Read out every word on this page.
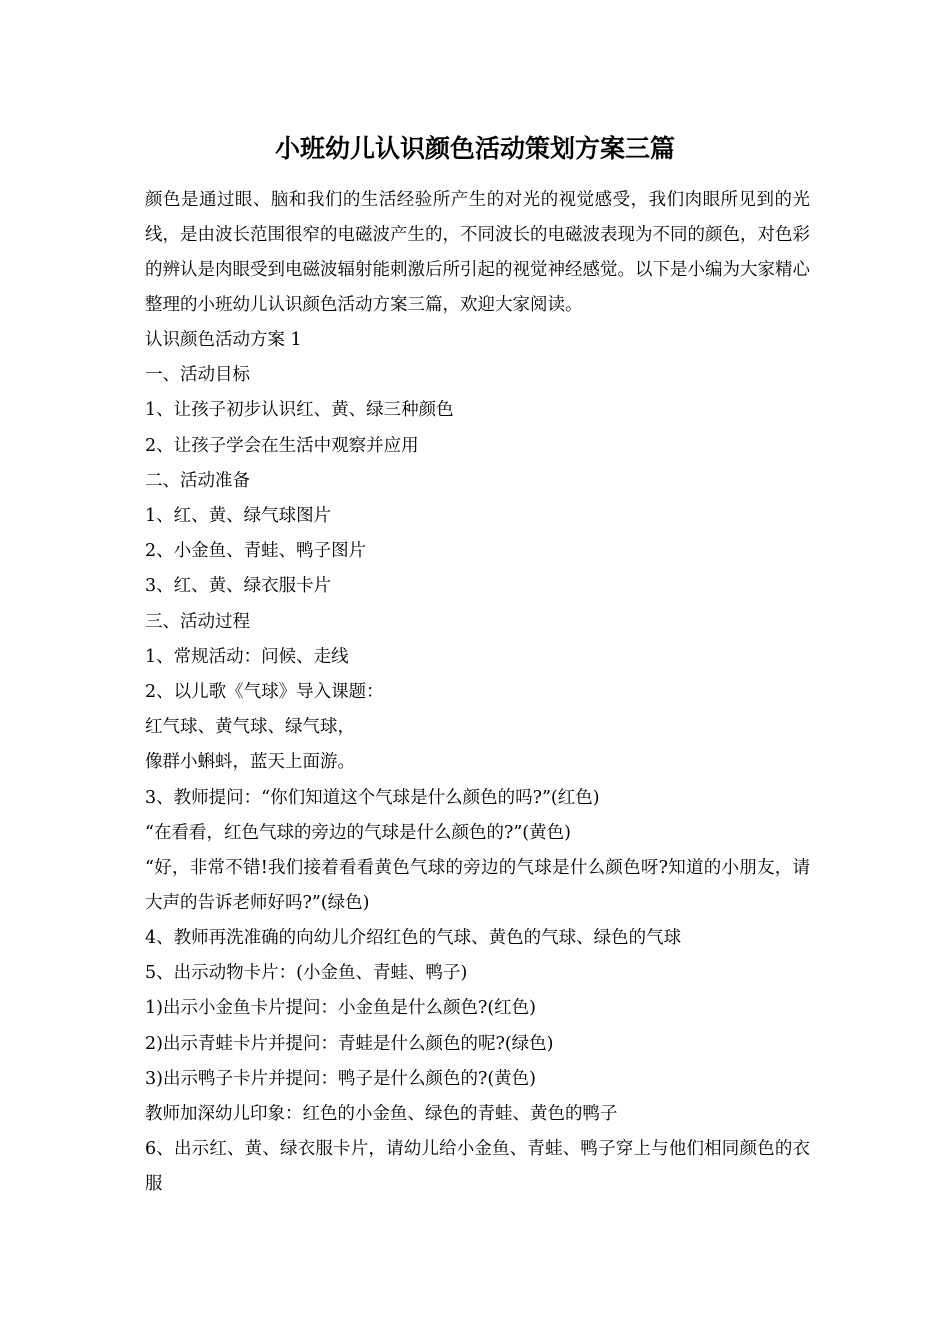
小班幼儿认识颜色活动策划方案三篇

颜色是通过眼、脑和我们的生活经验所产生的对光的视觉感受，我们肉眼所见到的光线，是由波长范围很窄的电磁波产生的，不同波长的电磁波表现为不同的颜色，对色彩的辨认是肉眼受到电磁波辐射能刺激后所引起的视觉神经感觉。以下是小编为大家精心整理的小班幼儿认识颜色活动方案三篇，欢迎大家阅读。

认识颜色活动方案 1

一、活动目标

1、让孩子初步认识红、黄、绿三种颜色

2、让孩子学会在生活中观察并应用

二、活动准备

1、红、黄、绿气球图片

2、小金鱼、青蛙、鸭子图片

3、红、黄、绿衣服卡片

三、活动过程

1、常规活动：问候、走线

2、以儿歌《气球》导入课题：

红气球、黄气球、绿气球，

像群小蝌蚪，蓝天上面游。

3、教师提问：“你们知道这个气球是什么颜色的吗?”(红色)

“在看看，红色气球的旁边的气球是什么颜色的?”(黄色)

“好，非常不错!我们接着看看黄色气球的旁边的气球是什么颜色呀?知道的小朋友，请大声的告诉老师好吗?”(绿色)

4、教师再洗准确的向幼儿介绍红色的气球、黄色的气球、绿色的气球

5、出示动物卡片：(小金鱼、青蛙、鸭子)

1)出示小金鱼卡片提问：小金鱼是什么颜色?(红色)

2)出示青蛙卡片并提问：青蛙是什么颜色的呢?(绿色)

3)出示鸭子卡片并提问：鸭子是什么颜色的?(黄色)

教师加深幼儿印象：红色的小金鱼、绿色的青蛙、黄色的鸭子

6、出示红、黄、绿衣服卡片，请幼儿给小金鱼、青蛙、鸭子穿上与他们相同颜色的衣服
